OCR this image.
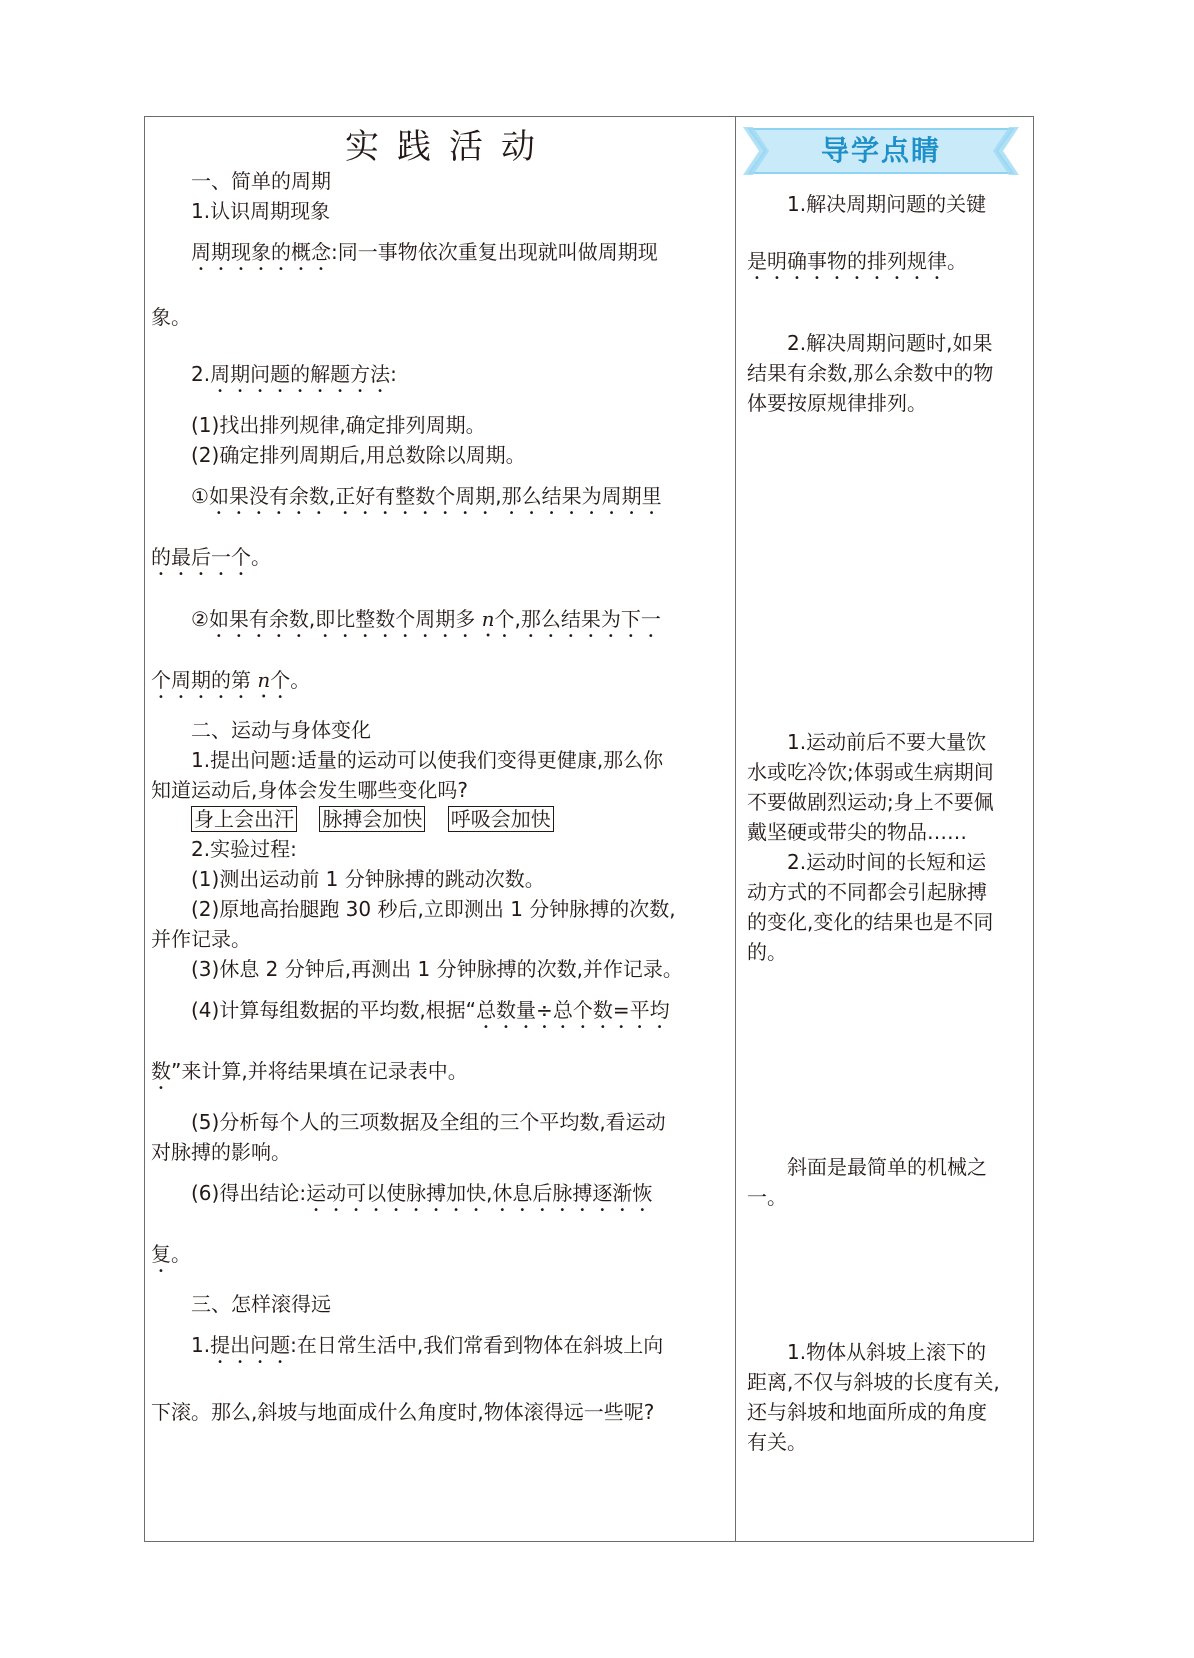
实践活动
一、简单的周期
1.认识周期现象
周期现象的概念:同一事物依次重复出现就叫做周期现
象。
2.周期问题的解题方法:
(1)找出排列规律,确定排列周期。
(2)确定排列周期后,用总数除以周期。
①如果没有余数,正好有整数个周期,那么结果为周期里
的最后一个。
②如果有余数,即比整数个周期多 n个,那么结果为下一
个周期的第 n个。
二、运动与身体变化
1.提出问题:适量的运动可以使我们变得更健康,那么你
知道运动后,身体会发生哪些变化吗?
身上会出汗 脉搏会加快 呼吸会加快
2.实验过程:
(1)测出运动前 1 分钟脉搏的跳动次数。
(2)原地高抬腿跑 30 秒后,立即测出 1 分钟脉搏的次数,
并作记录。
(3)休息 2 分钟后,再测出 1 分钟脉搏的次数,并作记录。
(4)计算每组数据的平均数,根据“总数量÷总个数=平均
数”来计算,并将结果填在记录表中。
(5)分析每个人的三项数据及全组的三个平均数,看运动
对脉搏的影响。
(6)得出结论:运动可以使脉搏加快,休息后脉搏逐渐恢
复。
三、怎样滚得远
1.提出问题:在日常生活中,我们常看到物体在斜坡上向
下滚。那么,斜坡与地面成什么角度时,物体滚得远一些呢?
导学点睛
1.解决周期问题的关键
是明确事物的排列规律。
2.解决周期问题时,如果
结果有余数,那么余数中的物
体要按原规律排列。
1.运动前后不要大量饮
水或吃冷饮;体弱或生病期间
不要做剧烈运动;身上不要佩
戴坚硬或带尖的物品……
2.运动时间的长短和运
动方式的不同都会引起脉搏
的变化,变化的结果也是不同
的。
斜面是最简单的机械之
一。
1.物体从斜坡上滚下的
距离,不仅与斜坡的长度有关,
还与斜坡和地面所成的角度
有关。
